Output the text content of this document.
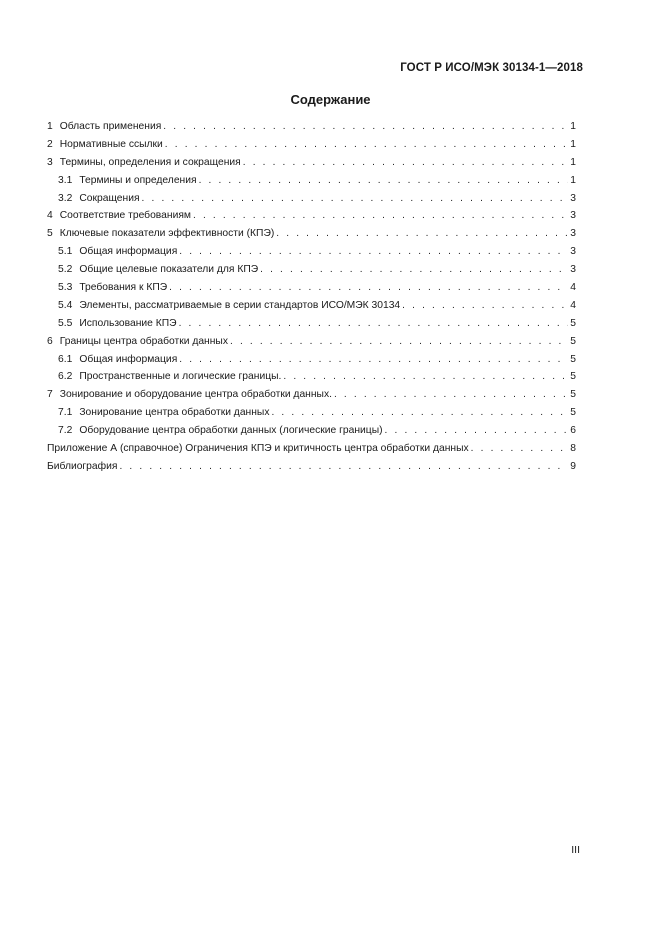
ГОСТ Р ИСО/МЭК 30134-1—2018
Содержание
1 Область применения . . .	1
2 Нормативные ссылки . . .	1
3 Термины, определения и сокращения . . .	1
3.1 Термины и определения . . .	1
3.2 Сокращения . . .	3
4 Соответствие требованиям . . .	3
5 Ключевые показатели эффективности (КПЭ) . . .	3
5.1 Общая информация . . .	3
5.2 Общие целевые показатели для КПЭ . . .	3
5.3 Требования к КПЭ . . .	4
5.4 Элементы, рассматриваемые в серии стандартов ИСО/МЭК 30134 . . .	4
5.5 Использование КПЭ . . .	5
6 Границы центра обработки данных . . .	5
6.1 Общая информация . . .	5
6.2 Пространственные и логические границы. . . .	5
7 Зонирование и оборудование центра обработки данных. . . .	5
7.1 Зонирование центра обработки данных . . .	5
7.2 Оборудование центра обработки данных (логические границы) . . .	6
Приложение А (справочное) Ограничения КПЭ и критичность центра обработки данных . . .	8
Библиография . . .	9
III
